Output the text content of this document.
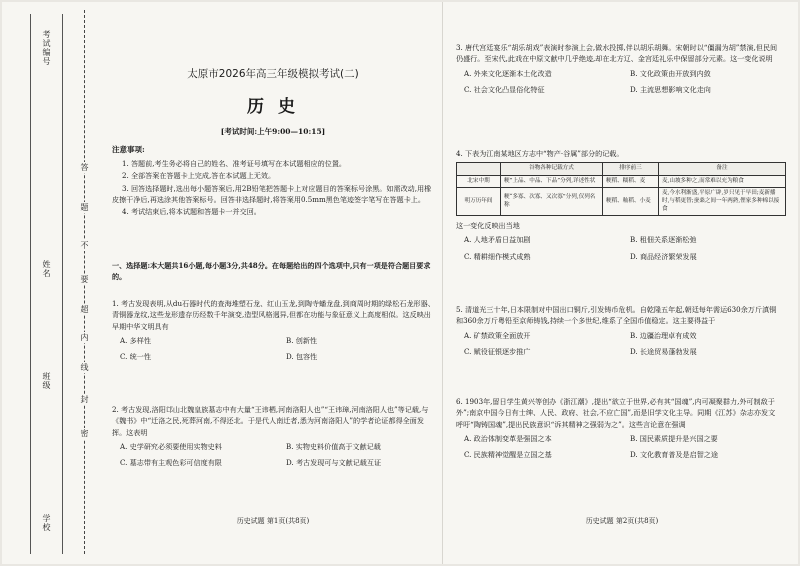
考试编号
姓名
班级
学校
答
题
不
要
超
内
线
封
密
太原市2026年高三年级模拟考试(二)
历 史
[考试时间:上午9:00—10:15]
注意事项:

1. 答题前,考生务必将自己的姓名、准考证号填写在本试题相应的位置。

2. 全部答案在答题卡上完成,答在本试题上无效。

3. 回答选择题时,选出每小题答案后,用2B铅笔把答题卡上对应题目的答案标号涂黑。如需改动,用橡皮擦干净后,再选涂其他答案标号。回答非选择题时,将答案用0.5mm黑色笔迹签字笔写在答题卡上。

4. 考试结束后,将本试题和答题卡一并交回。

一、选择题:本大题共16小题,每小题3分,共48分。在每题给出的四个选项中,只有一项是符合题目要求的。
1. 考古发现表明,从du石器时代的查海堆塑石龙、红山玉龙,到陶寺蟠龙盘,到商周时期的绿松石龙形器、青铜器龙纹,这些龙形遗存历经数千年演变,造型风格迥异,但都在功能与象征意义上高度相似。这反映出早期中华文明具有
A. 多样性	B. 创新性
C. 统一性	D. 包容性
2. 考古发现,洛阳邙山北魏皇族墓志中有大量“王讳栖,河南洛阳人也”“王讳璋,河南洛阳人也”等记载,与《魏书》中“迁洛之民,死葬河南,不得还北。于是代人南迁者,悉为河南洛阳人”的学者论证都得全面发挥。这表明
A. 史学研究必须要使用实物史料	B. 实物史料价值高于文献记载
C. 墓志带有主观色彩可信度有限	D. 考古发现可与文献记载互证
历史试题 第1页(共8页)
3. 唐代宫廷宴乐“胡乐胡戏”表演时参演上会,做水投掷,伴以胡乐胡舞。宋朝时以“僵漏为胡”禁演,但民间仍盛行。至宋代,此戏在中原文献中几乎绝迹,却在北方辽、金宫廷礼乐中保留部分元素。这一变化说明
A. 外来文化逐渐本土化改造	B. 文化政策由开放到内敛
C. 社会文化凸显俗化特征	D. 主流思想影响文化走向
4. 下表为江南某地区方志中“物产·谷属”部分的记载。
	谷物各种记载方式	排序前三	备注
北宋中期	粳”上品、中品、下品”分列,详述性状	粳稻、糯稻、麦	麦,山坡多种之,而常难以充为粮食
明万历年间	粳“多寡、次寡、又次寡”分列,仅列名称	粳稻、籼稻、小麦	麦,今水利渐盛,平原广辟,岁只见于早田;麦新播时,与稻更替;蚕桑之间一年两熟,俚家多种棉以接食
这一变化反映出当地
A. 人地矛盾日益加剧	B. 租佃关系逐渐松弛
C. 精耕细作模式成熟	D. 商品经济繁荣发展
5. 清道光三十年,日本限制对中国出口铜斤,引发铸币危机。自乾隆五年起,朝廷每年需运630余万斤滇铜和360余万斤粤铅至京师铸钱,持续一个多世纪,维系了全国币值稳定。这主要得益于
A. 矿禁政策全面放开	B. 边疆治理卓有成效
C. 赋役征银逐步推广	D. 长途贸易蓬勃发展
6. 1903年,留日学生黄兴等创办《浙江潮》,提出“欲立于世界,必有其“国魂”,内可凝聚群力,外可制敌于外”;南京中国今日有士绅、人民、政府、社会,不应亡国”,而是旧学文化主导。同期《江苏》杂志亦发文呼吁“陶铸国魂”,提出民族意识“诉其精神之强弱为之”。这些言论意在强调
A. 政治体制变革是强国之本	B. 国民素质提升是兴国之要
C. 民族精神觉醒是立国之基	D. 文化教育普及是启智之途
历史试题 第2页(共8页)
